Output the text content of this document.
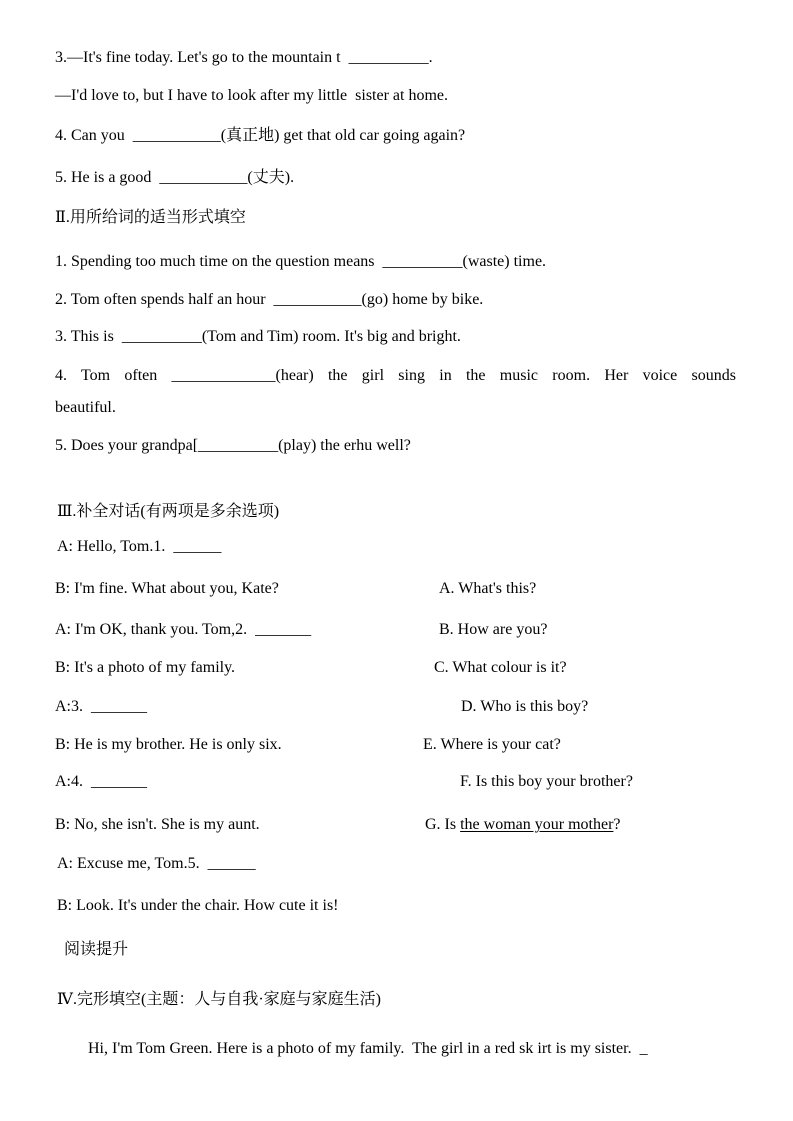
3.—It's fine today. Let's go to the mountain t  __________.
—I'd love to, but I have to look after my little  sister at home.
4. Can you  ___________(真正地) get that old car going again?
5. He is a good  ___________(丈夫).
Ⅱ.用所给词的适当形式填空
1. Spending too much time on the question means  __________(waste) time.
2. Tom often spends half an hour  ___________(go) home by bike.
3. This is  __________(Tom and Tim) room. It's big and bright.
4. Tom often _____________(hear) the girl sing in the music room. Her voice sounds
beautiful.
5. Does your grandpa[__________(play) the erhu well?
Ⅲ.补全对话(有两项是多余选项)
A: Hello, Tom.1.  ______
B: I'm fine. What about you, Kate?
A: I'm OK, thank you. Tom,2.  _______
B: It's a photo of my family.
A:3.  _______
B: He is my brother. He is only six.
A:4.  _______
B: No, she isn't. She is my aunt.
A: Excuse me, Tom.5.  ______
B: Look. It's under the chair. How cute it is!
A. What's this?
B. How are you?
C. What colour is it?
D. Who is this boy?
E. Where is your cat?
F. Is this boy your brother?
G. Is the woman your mother?
阅读提升
Ⅳ.完形填空(主题：人与自我·家庭与家庭生活)
Hi, I'm Tom Green. Here is a photo of my family.  The girl in a red sk irt is my sister.  _
